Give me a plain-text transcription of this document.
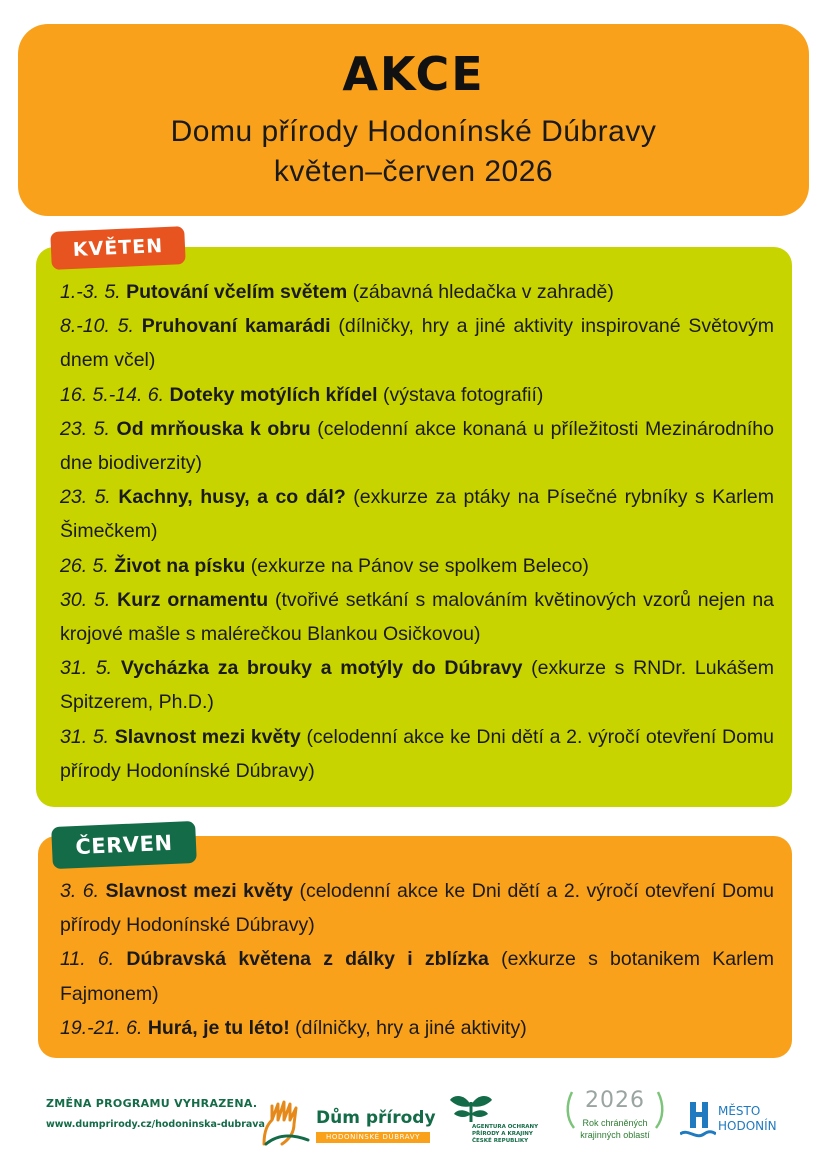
AKCE
Domu přírody Hodonínské Dúbravy
květen–červen 2026

1.-3. 5. Putování včelím světem (zábavná hledačka v zahradě)

8.-10. 5. Pruhovaní kamarádi (dílničky, hry a jiné aktivity inspirované Světovým dnem včel)

16. 5.-14. 6. Doteky motýlích křídel (výstava fotografií)

23. 5. Od mrňouska k obru (celodenní akce konaná u příležitosti Mezinárodního dne biodiverzity)

23. 5. Kachny, husy, a co dál? (exkurze za ptáky na Písečné rybníky s Karlem Šimečkem)

26. 5. Život na písku (exkurze na Pánov se spolkem Beleco)

30. 5. Kurz ornamentu (tvořivé setkání s malováním květinových vzorů nejen na krojové mašle s malérečkou Blankou Osičkovou)

31. 5. Vycházka za brouky a motýly do Dúbravy (exkurze s RNDr. Lukášem Spitzerem, Ph.D.)

31. 5. Slavnost mezi květy (celodenní akce ke Dni dětí a 2. výročí otevření Domu přírody Hodonínské Dúbravy)

KVĚTEN

3. 6. Slavnost mezi květy (celodenní akce ke Dni dětí a 2. výročí otevření Domu přírody Hodonínské Dúbravy)

11. 6. Dúbravská květena z dálky i zblízka (exkurze s botanikem Karlem Fajmonem)

19.-21. 6. Hurá, je tu léto! (dílničky, hry a jiné aktivity)

ČERVEN
ZMĚNA PROGRAMU VYHRAZENA.
www.dumprirody.cz/hodoninska-dubrava	Dům přírody
HODONÍNSKÉ DÚBRAVY
AGENTURA OCHRANY
PŘÍRODY A KRAJINY
ČESKÉ REPUBLIKY
2026
Rok chráněných
krajinných oblastí
MĚSTO
HODONÍN
